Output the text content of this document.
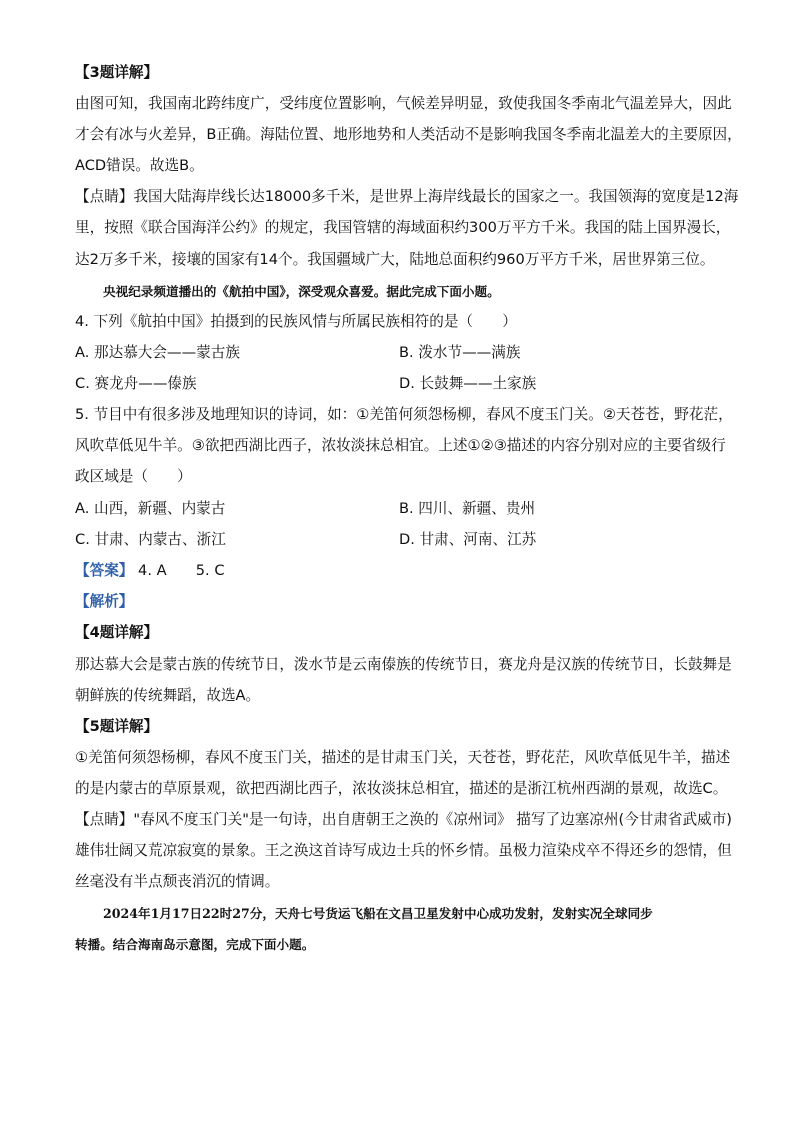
【3题详解】
由图可知，我国南北跨纬度广，受纬度位置影响，气候差异明显，致使我国冬季南北气温差异大，因此
才会有冰与火差异，B正确。海陆位置、地形地势和人类活动不是影响我国冬季南北温差大的主要原因，
ACD错误。故选B。
【点睛】我国大陆海岸线长达18000多千米，是世界上海岸线最长的国家之一。我国领海的宽度是12海
里，按照《联合国海洋公约》的规定，我国管辖的海域面积约300万平方千米。我国的陆上国界漫长，
达2万多千米，接壤的国家有14个。我国疆域广大，陆地总面积约960万平方千米，居世界第三位。
央视纪录频道播出的《航拍中国》，深受观众喜爱。据此完成下面小题。
4. 下列《航拍中国》拍摄到的民族风情与所属民族相符的是（　　）
A. 那达慕大会——蒙古族	B. 泼水节——满族
C. 赛龙舟——傣族	D. 长鼓舞——土家族
5. 节目中有很多涉及地理知识的诗词，如：①羌笛何须怨杨柳，春风不度玉门关。②天苍苍，野花茫，
风吹草低见牛羊。③欲把西湖比西子，浓妆淡抹总相宜。上述①②③描述的内容分别对应的主要省级行
政区域是（　　）
A. 山西，新疆、内蒙古	B. 四川、新疆、贵州
C. 甘肃、内蒙古、浙江	D. 甘肃、河南、江苏
【答案】 4. A　　5. C
【解析】
【4题详解】
那达慕大会是蒙古族的传统节日，泼水节是云南傣族的传统节日，赛龙舟是汉族的传统节日，长鼓舞是
朝鲜族的传统舞蹈，故选A。
【5题详解】
①羌笛何须怨杨柳，春风不度玉门关，描述的是甘肃玉门关，天苍苍，野花茫，风吹草低见牛羊，描述
的是内蒙古的草原景观，欲把西湖比西子，浓妆淡抹总相宜，描述的是浙江杭州西湖的景观，故选C。
【点睛】"春风不度玉门关"是一句诗，出自唐朝王之涣的《凉州词》 描写了边塞凉州(今甘肃省武威市)
雄伟壮阔又荒凉寂寞的景象。王之涣这首诗写成边士兵的怀乡情。虽极力渲染戍卒不得还乡的怨情，但
丝毫没有半点颓丧消沉的情调。
2024年1月17日22时27分，天舟七号货运飞船在文昌卫星发射中心成功发射，发射实况全球同步
转播。结合海南岛示意图，完成下面小题。
